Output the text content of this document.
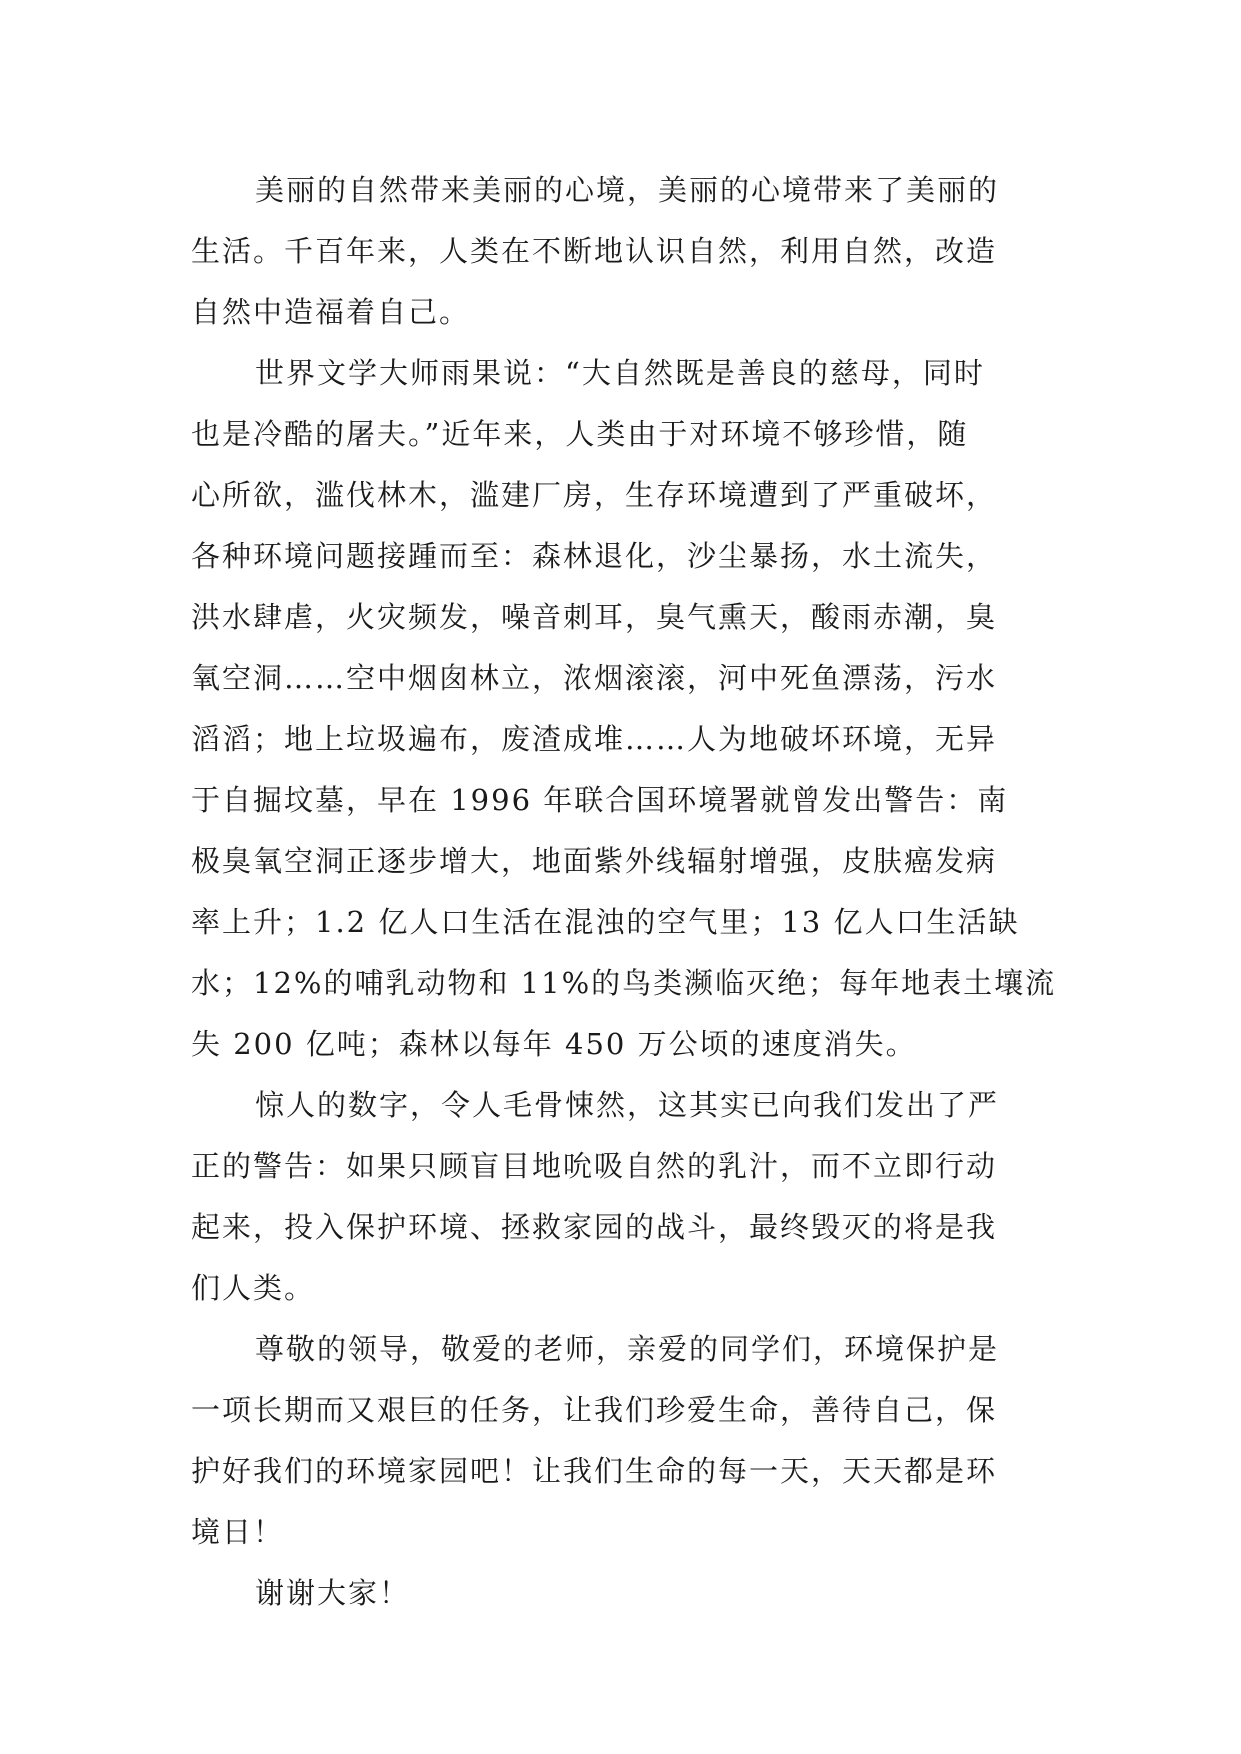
美丽的自然带来美丽的心境，美丽的心境带来了美丽的
生活。千百年来，人类在不断地认识自然，利用自然，改造
自然中造福着自己。
世界文学大师雨果说：“大自然既是善良的慈母，同时
也是冷酷的屠夫。”近年来，人类由于对环境不够珍惜，随
心所欲，滥伐林木，滥建厂房，生存环境遭到了严重破坏，
各种环境问题接踵而至：森林退化，沙尘暴扬，水土流失，
洪水肆虐，火灾频发，噪音刺耳，臭气熏天，酸雨赤潮，臭
氧空洞……空中烟囱林立，浓烟滚滚，河中死鱼漂荡，污水
滔滔；地上垃圾遍布，废渣成堆……人为地破坏环境，无异
于自掘坟墓，早在 1996 年联合国环境署就曾发出警告：南
极臭氧空洞正逐步增大，地面紫外线辐射增强，皮肤癌发病
率上升；1.2 亿人口生活在混浊的空气里；13 亿人口生活缺
水；12%的哺乳动物和 11%的鸟类濒临灭绝；每年地表土壤流
失 200 亿吨；森林以每年 450 万公顷的速度消失。
惊人的数字，令人毛骨悚然，这其实已向我们发出了严
正的警告：如果只顾盲目地吮吸自然的乳汁，而不立即行动
起来，投入保护环境、拯救家园的战斗，最终毁灭的将是我
们人类。
尊敬的领导，敬爱的老师，亲爱的同学们，环境保护是
一项长期而又艰巨的任务，让我们珍爱生命，善待自己，保
护好我们的环境家园吧！让我们生命的每一天，天天都是环
境日！
谢谢大家！
